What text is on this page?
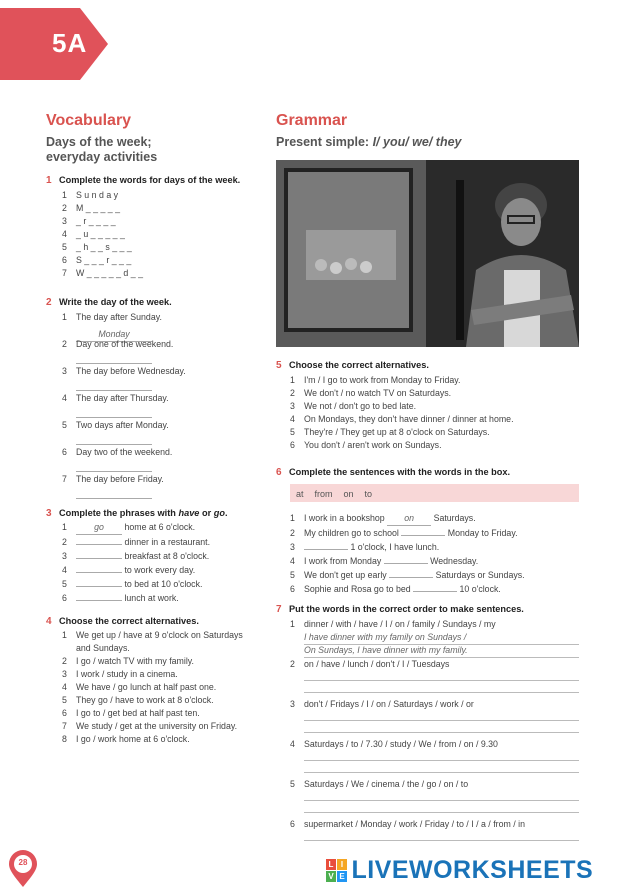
5A
Vocabulary
Days of the week;
everyday activities
1 Complete the words for days of the week.
1 S u n d a y
2 M _ _ _ _ _
3 _ r _ _ _ _
4 _ u _ _ _ _ _
5 _ h _ _ s _ _ _
6 S _ _ _ r _ _ _
7 W _ _ _ _ _ d _ _
2 Write the day of the week.
1 The day after Sunday.
Monday
2 Day one of the weekend.
3 The day before Wednesday.
4 The day after Thursday.
5 Two days after Monday.
6 Day two of the weekend.
7 The day before Friday.
3 Complete the phrases with have or go.
1	go home at 6 o'clock.
2	dinner in a restaurant.
3	breakfast at 8 o'clock.
4	to work every day.
5	to bed at 10 o'clock.
6	lunch at work.
4 Choose the correct alternatives.
1 We get up / have at 9 o'clock on Saturdays
and Sundays.
2 I go / watch TV with my family.
3 I work / study in a cinema.
4 We have / go lunch at half past one.
5 They go / have to work at 8 o'clock.
6 I go to / get bed at half past ten.
7 We study / get at the university on Friday.
8 I go / work home at 6 o'clock.
Grammar
Present simple: I/ you/ we/ they
5 Choose the correct alternatives.
1 I'm / I go to work from Monday to Friday.
2 We don't / no watch TV on Saturdays.
3 We not / don't go to bed late.
4 On Mondays, they don't have dinner / dinner at home.
5 They're / They get up at 8 o'clock on Saturdays.
6 You don't / aren't work on Sundays.
6 Complete the sentences with the words in the box.
at from on to
1 I work in a bookshop on Saturdays.
2 My children go to school	Monday to Friday.
3	1 o'clock, I have lunch.
4 I work from Monday	Wednesday.
5 We don't get up early	Saturdays or Sundays.
6 Sophie and Rosa go to bed	10 o'clock.
7 Put the words in the correct order to make sentences.
1 dinner / with / have / I / on / family / Sundays / my
I have dinner with my family on Sundays /
On Sundays, I have dinner with my family.
2 on / have / lunch / don't / I / Tuesdays
3 don't / Fridays / I / on / Saturdays / work / or
4 Saturdays / to / 7.30 / study / We / from / on / 9.30
5 Saturdays / We / cinema / the / go / on / to
6 supermarket / Monday / work / Friday / to / I / a / from / in
28	L I
V E LIVEWORKSHEETS
